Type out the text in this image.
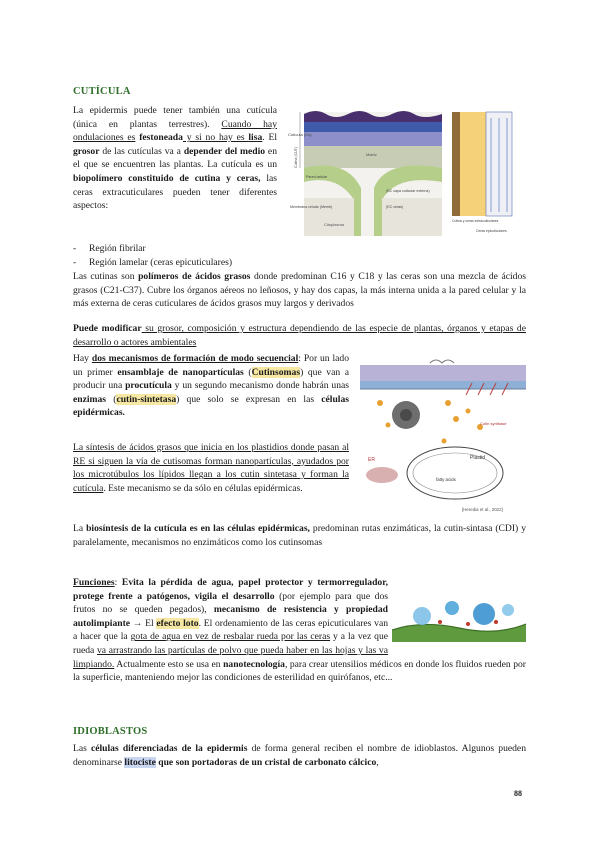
CUTÍCULA
La epidermis puede tener también una cutícula (única en plantas terrestres). Cuando hay ondulaciones es festoneada y si no hay es lisa. El grosor de las cutículas va a depender del medio en el que se encuentren las plantas. La cutícula es un biopolímero constituido de cutina y ceras, las ceras extracuticulares pueden tener diferentes aspectos:
Cutícula (Cu)
Cutina (CUT)
Pared celular
Membrana celular (Memb)
Citoplasma
Matriz
(BC capa cuticular externa)
(EC ceras)
Cutina y ceras extracuticulares
Ceras epicuticulares
- Región fibrilar
- Región lamelar (ceras epicuticulares)
Las cutinas son polímeros de ácidos grasos donde predominan C16 y C18 y las ceras son una mezcla de ácidos grasos (C21-C37). Cubre los órganos aéreos no leñosos, y hay dos capas, la más interna unida a la pared celular y la más externa de ceras cuticulares de ácidos grasos muy largos y derivados
Puede modificar su grosor, composición y estructura dependiendo de las especie de plantas, órganos y etapas de desarrollo o actores ambientales
Hay dos mecanismos de formación de modo secuencial: Por un lado un primer ensamblaje de nanopartículas (Cutinsomas) que van a producir una procutícula y un segundo mecanismo donde habrán unas enzimas (cutin-sintetasa) que solo se expresan en las células epidérmicas.
La síntesis de ácidos grasos que inicia en los plastidios donde pasan al RE si siguen la vía de cutisomas forman nanopartículas, ayudados por los microtúbulos los lípidos llegan a los cutin sintetasa y forman la cutícula. Este mecanismo se da sólo en células epidérmicas.
ER	Plastid
fatty acids
Cutin synthase
[Heredia et al., 2022]
La biosíntesis de la cutícula es en las células epidérmicas, predominan rutas enzimáticas, la cutin-sintasa (CDI) y paralelamente, mecanismos no enzimáticos como los cutinsomas
Funciones: Evita la pérdida de agua, papel protector y termorregulador, protege frente a patógenos, vigila el desarrollo (por ejemplo para que dos frutos no se queden pegados), mecanismo de resistencia y propiedad autolimpiante → El efecto loto. El ordenamiento de las ceras epicuticulares van a hacer que la gota de agua en vez de resbalar rueda por las ceras y a la vez que rueda va arrastrando las partículas de polvo que pueda haber en las hojas y las va limpiando. Actualmente esto se usa en nanotecnología, para crear utensilios médicos en donde los fluidos rueden por la superficie, manteniendo mejor las condiciones de esterilidad en quirófanos, etc...
IDIOBLASTOS
Las células diferenciadas de la epidermis de forma general reciben el nombre de idioblastos. Algunos pueden denominarse litociste que son portadoras de un cristal de carbonato cálcico,
88
